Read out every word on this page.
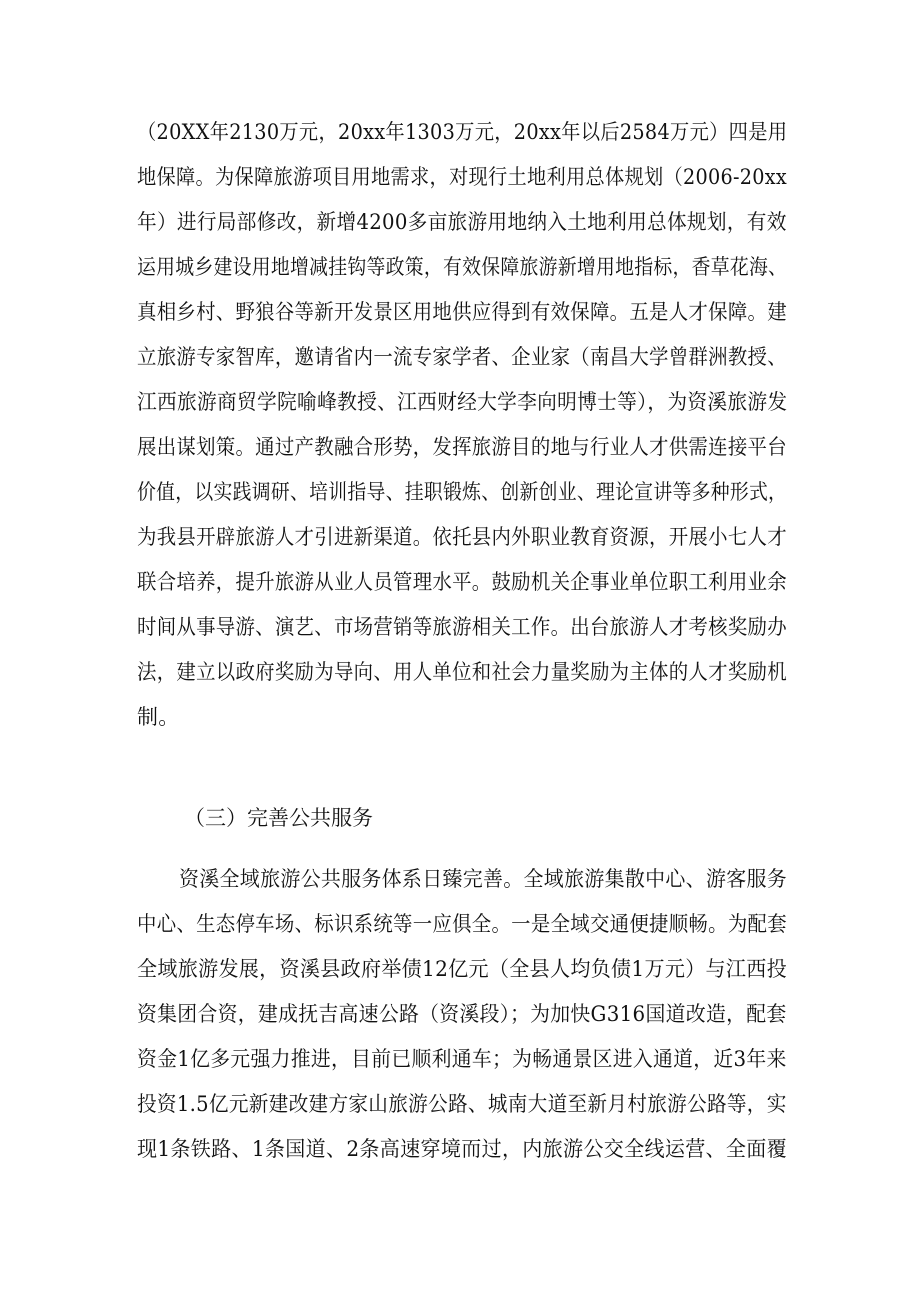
（20XX年2130万元，20xx年1303万元，20xx年以后2584万元）四是用
地保障。为保障旅游项目用地需求，对现行土地利用总体规划（2006-20xx
年）进行局部修改，新增4200多亩旅游用地纳入土地利用总体规划，有效
运用城乡建设用地增减挂钩等政策，有效保障旅游新增用地指标，香草花海、
真相乡村、野狼谷等新开发景区用地供应得到有效保障。五是人才保障。建
立旅游专家智库，邀请省内一流专家学者、企业家（南昌大学曾群洲教授、
江西旅游商贸学院喻峰教授、江西财经大学李向明博士等），为资溪旅游发
展出谋划策。通过产教融合形势，发挥旅游目的地与行业人才供需连接平台
价值，以实践调研、培训指导、挂职锻炼、创新创业、理论宣讲等多种形式，
为我县开辟旅游人才引进新渠道。依托县内外职业教育资源，开展小七人才
联合培养，提升旅游从业人员管理水平。鼓励机关企事业单位职工利用业余
时间从事导游、演艺、市场营销等旅游相关工作。出台旅游人才考核奖励办
法，建立以政府奖励为导向、用人单位和社会力量奖励为主体的人才奖励机
制。
（三）完善公共服务
资溪全域旅游公共服务体系日臻完善。全域旅游集散中心、游客服务
中心、生态停车场、标识系统等一应俱全。一是全域交通便捷顺畅。为配套
全域旅游发展，资溪县政府举债12亿元（全县人均负债1万元）与江西投
资集团合资，建成抚吉高速公路（资溪段）；为加快G316国道改造，配套
资金1亿多元强力推进，目前已顺利通车；为畅通景区进入通道，近3年来
投资1.5亿元新建改建方家山旅游公路、城南大道至新月村旅游公路等，实
现1条铁路、1条国道、2条高速穿境而过，内旅游公交全线运营、全面覆
